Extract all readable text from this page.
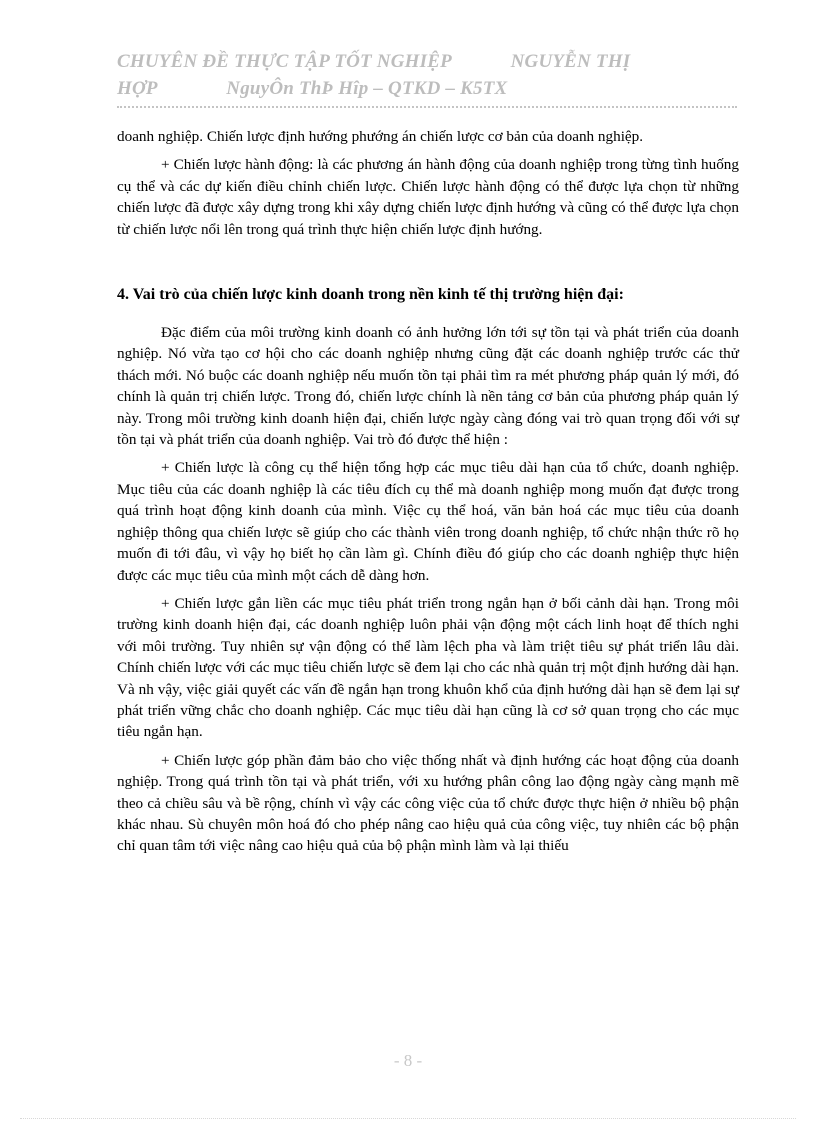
CHUYÊN ĐỀ THỰC TẬP TỐT NGHIỆP            NGUYỄN THỊ
HỢP              NguyÔn ThÞ Hîp – QTKD – K5TX

doanh nghiệp. Chiến lược định hướng phướng án chiến lược cơ bản của doanh nghiệp.

+ Chiến lược hành động: là các phương án hành động của doanh nghiệp trong từng tình huống cụ thể và các dự kiến điều chỉnh chiến lược. Chiến lược hành động có thể được lựa chọn từ những chiến lược đã được xây dựng trong khi xây dựng chiến lược định hướng và cũng có thể được lựa chọn từ chiến lược nổi lên trong quá trình thực hiện chiến lược định hướng.

4. Vai trò của chiến lược kinh doanh trong nền kinh tế thị trường hiện đại:

Đặc điểm của môi trường kinh doanh có ảnh hưởng lớn tới sự tồn tại và phát triển của doanh nghiệp. Nó vừa tạo cơ hội cho các doanh nghiệp nhưng cũng đặt các doanh nghiệp trước các thử thách mới. Nó buộc các doanh nghiệp nếu muốn tồn tại phải tìm ra mét phương pháp quản lý mới, đó chính là quản trị chiến lược. Trong đó, chiến lược chính là nền tảng cơ bản của phương pháp quản lý này. Trong môi trường kinh doanh hiện đại, chiến lược ngày càng đóng vai trò quan trọng đối với sự tồn tại và phát triển của doanh nghiệp. Vai trò đó được thể hiện :

+ Chiến lược là công cụ thể hiện tổng hợp các mục tiêu dài hạn của tổ chức, doanh nghiệp. Mục tiêu của các doanh nghiệp là các tiêu đích cụ thể mà doanh nghiệp mong muốn đạt được trong quá trình hoạt động kinh doanh của mình. Việc cụ thể hoá, văn bản hoá các mục tiêu của doanh nghiệp thông qua chiến lược sẽ giúp cho các thành viên trong doanh nghiệp, tổ chức nhận thức rõ họ muốn đi tới đâu, vì vậy họ biết họ cần làm gì. Chính điều đó giúp cho các doanh nghiệp thực hiện được các mục tiêu của mình một cách dễ dàng hơn.

+ Chiến lược gắn liền các mục tiêu phát triển trong ngắn hạn ở bối cảnh dài hạn. Trong môi trường kinh doanh hiện đại, các doanh nghiệp luôn phải vận động một cách linh hoạt để thích nghi với môi trường. Tuy nhiên sự vận động có thể làm lệch pha và làm triệt tiêu sự phát triển lâu dài. Chính chiến lược với các mục tiêu chiến lược sẽ đem lại cho các nhà quản trị một định hướng dài hạn. Và nh vậy, việc giải quyết các vấn đề ngắn hạn trong khuôn khổ của định hướng dài hạn sẽ đem lại sự phát triển vững chắc cho doanh nghiệp. Các mục tiêu dài hạn cũng là cơ sở quan trọng cho các mục tiêu ngắn hạn.

+ Chiến lược góp phần đảm bảo cho việc thống nhất và định hướng các hoạt động của doanh nghiệp. Trong quá trình tồn tại và phát triển, với xu hướng phân công lao động ngày càng mạnh mẽ theo cả chiều sâu và bề rộng, chính vì vậy các công việc của tổ chức được thực hiện ở nhiều bộ phận khác nhau. Sù chuyên môn hoá đó cho phép nâng cao hiệu quả của công việc, tuy nhiên các bộ phận chỉ quan tâm tới việc nâng cao hiệu quả của bộ phận mình làm và lại thiếu

- 8 -
